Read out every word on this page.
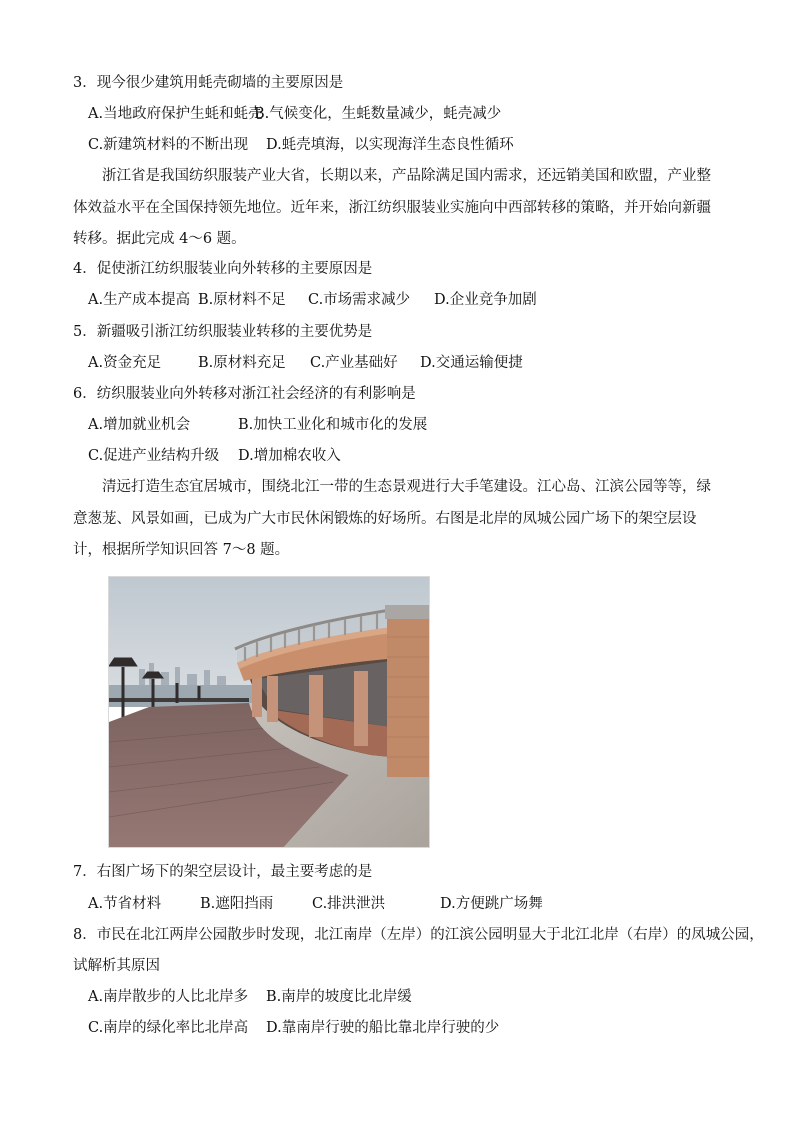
3．现今很少建筑用蚝壳砌墙的主要原因是
A.当地政府保护生蚝和蚝壳B.气候变化，生蚝数量减少，蚝壳减少
C.新建筑材料的不断出现 D.蚝壳填海，以实现海洋生态良性循环
浙江省是我国纺织服装产业大省，长期以来，产品除满足国内需求，还远销美国和欧盟，产业整体效益水平在全国保持领先地位。近年来，浙江纺织服装业实施向中西部转移的策略，并开始向新疆转移。据此完成 4～6 题。
4．促使浙江纺织服装业向外转移的主要原因是
A.生产成本提高 B.原材料不足 C.市场需求减少 D.企业竞争加剧
5．新疆吸引浙江纺织服装业转移的主要优势是
A.资金充足	B.原材料充足 C.产业基础好 D.交通运输便捷
6．纺织服装业向外转移对浙江社会经济的有利影响是
A.增加就业机会	B.加快工业化和城市化的发展
C.促进产业结构升级 D.增加棉农收入
清远打造生态宜居城市，围绕北江一带的生态景观进行大手笔建设。江心岛、江滨公园等等，绿意葱茏、风景如画，已成为广大市民休闲锻炼的好场所。右图是北岸的凤城公园广场下的架空层设计，根据所学知识回答 7～8 题。
7．右图广场下的架空层设计，最主要考虑的是
A.节省材料	B.遮阳挡雨	C.排洪泄洪	D.方便跳广场舞
8．市民在北江两岸公园散步时发现，北江南岸（左岸）的江滨公园明显大于北江北岸（右岸）的凤城公园，
试解析其原因
A.南岸散步的人比北岸多 B.南岸的坡度比北岸缓
C.南岸的绿化率比北岸高 D.靠南岸行驶的船比靠北岸行驶的少
